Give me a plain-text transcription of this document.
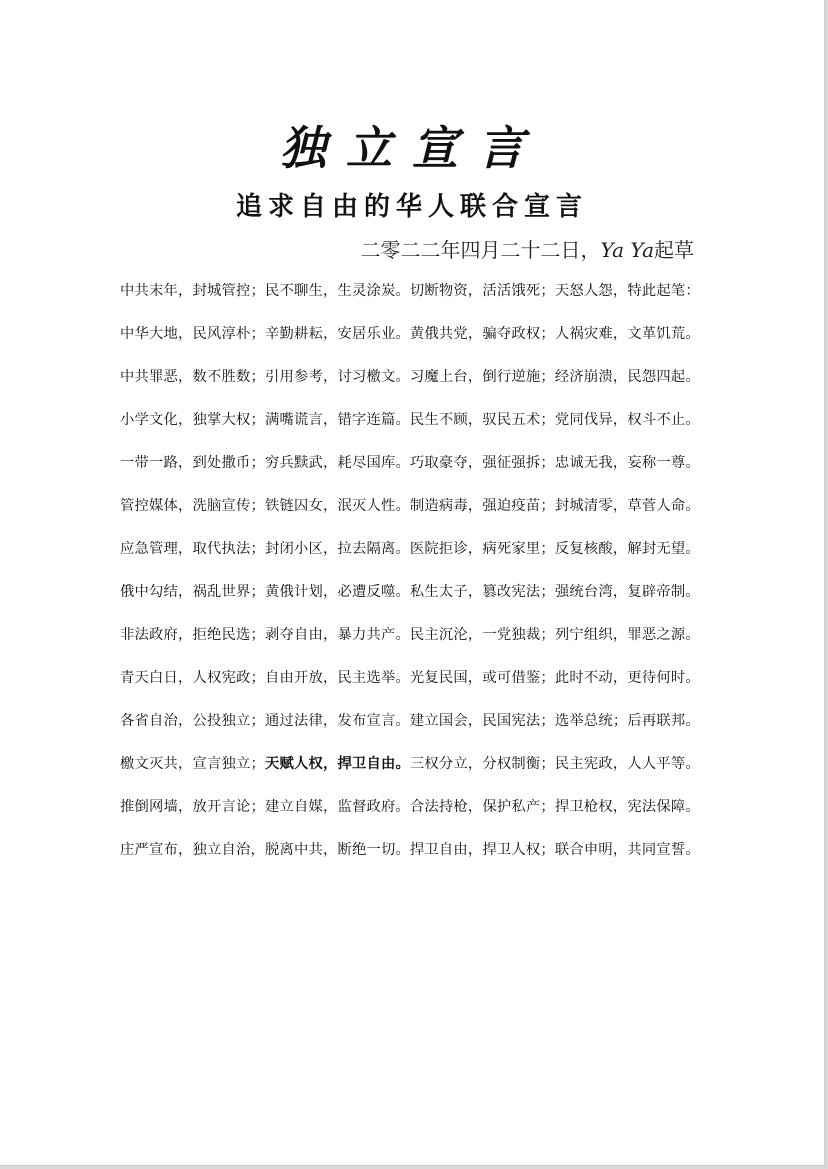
独立宣言
追求自由的华人联合宣言
二零二二年四月二十二日，Ya Ya起草
中共末年，封城管控；民不聊生，生灵涂炭。切断物资，活活饿死；天怒人怨，特此起笔：
中华大地，民风淳朴；辛勤耕耘，安居乐业。黄俄共党，骗夺政权；人祸灾难，文革饥荒。
中共罪恶，数不胜数；引用参考，讨习檄文。习魔上台，倒行逆施；经济崩溃，民怨四起。
小学文化，独掌大权；满嘴谎言，错字连篇。民生不顾，驭民五术；党同伐异，权斗不止。
一带一路，到处撒币；穷兵黩武，耗尽国库。巧取豪夺，强征强拆；忠诚无我，妄称一尊。
管控媒体，洗脑宣传；铁链囚女，泯灭人性。制造病毒，强迫疫苗；封城清零，草菅人命。
应急管理，取代执法；封闭小区，拉去隔离。医院拒诊，病死家里；反复核酸，解封无望。
俄中勾结，祸乱世界；黄俄计划，必遭反噬。私生太子，篡改宪法；强统台湾，复辟帝制。
非法政府，拒绝民选；剥夺自由，暴力共产。民主沉沦，一党独裁；列宁组织，罪恶之源。
青天白日，人权宪政；自由开放，民主选举。光复民国，或可借鉴；此时不动，更待何时。
各省自治，公投独立；通过法律，发布宣言。建立国会，民国宪法；选举总统；后再联邦。
檄文灭共，宣言独立；天赋人权，捍卫自由。三权分立，分权制衡；民主宪政，人人平等。
推倒网墙，放开言论；建立自媒，监督政府。合法持枪，保护私产；捍卫枪权，宪法保障。
庄严宣布，独立自治，脱离中共，断绝一切。捍卫自由，捍卫人权；联合申明，共同宣誓。
